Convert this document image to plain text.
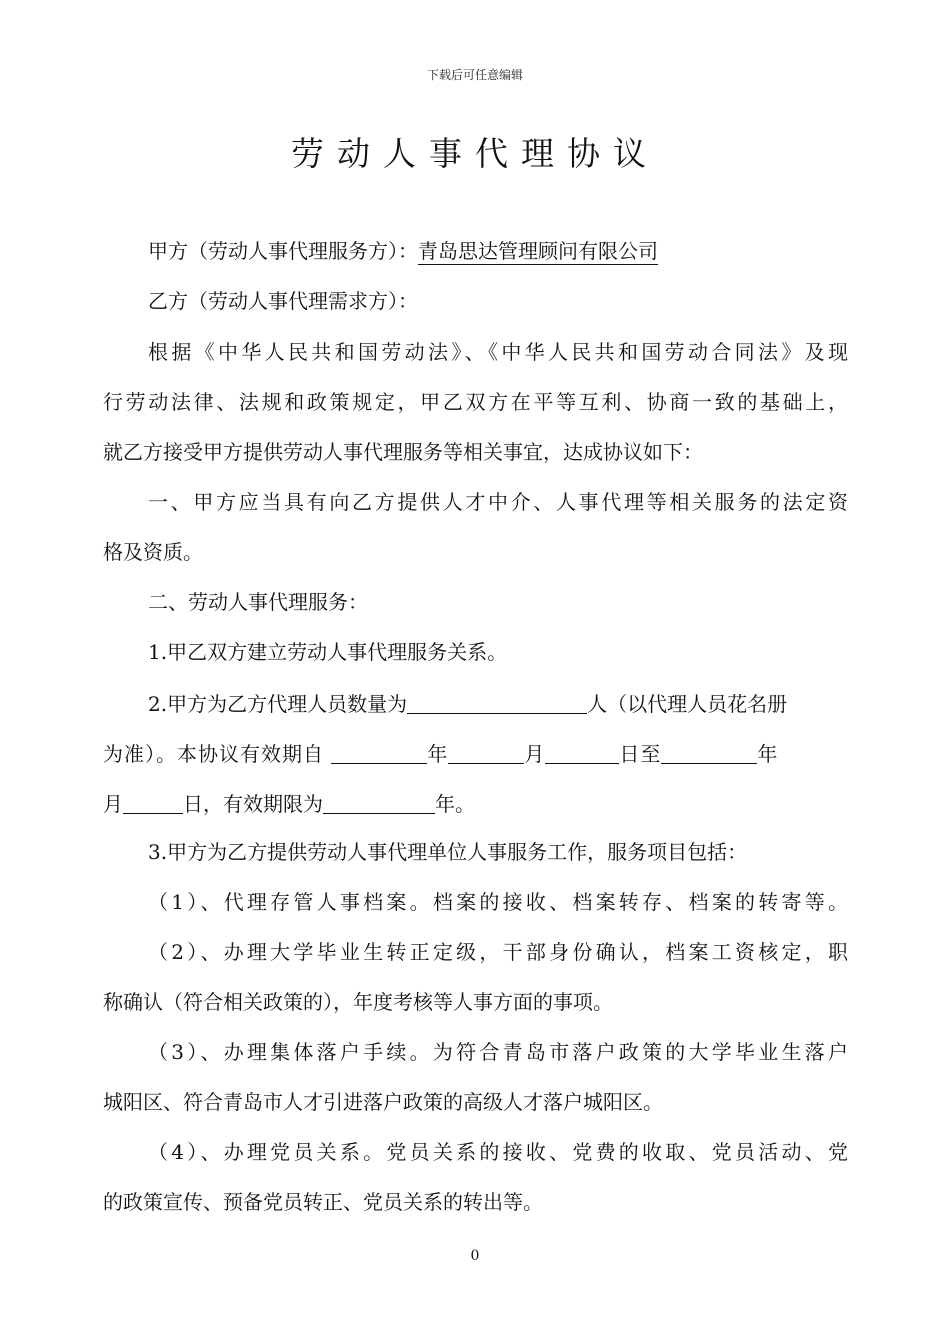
下载后可任意编辑
劳动人事代理协议
甲方（劳动人事代理服务方）：青岛思达管理顾问有限公司
乙方（劳动人事代理需求方）：
根据《中华人民共和国劳动法》、《中华人民共和国劳动合同法》及现
行劳动法律、法规和政策规定，甲乙双方在平等互利、协商一致的基础上，
就乙方接受甲方提供劳动人事代理服务等相关事宜，达成协议如下：
一、甲方应当具有向乙方提供人才中介、人事代理等相关服务的法定资
格及资质。
二、劳动人事代理服务：
1.甲乙双方建立劳动人事代理服务关系。
2.甲方为乙方代理人员数量为	人（以代理人员花名册
为准）。本协议有效期自	年	月	日至	年
月	日，有效期限为	年。
3.甲方为乙方提供劳动人事代理单位人事服务工作，服务项目包括：
（1）、代理存管人事档案。档案的接收、档案转存、档案的转寄等。
（2）、办理大学毕业生转正定级，干部身份确认，档案工资核定，职
称确认（符合相关政策的），年度考核等人事方面的事项。
（3）、办理集体落户手续。为符合青岛市落户政策的大学毕业生落户
城阳区、符合青岛市人才引进落户政策的高级人才落户城阳区。
（4）、办理党员关系。党员关系的接收、党费的收取、党员活动、党
的政策宣传、预备党员转正、党员关系的转出等。
0
